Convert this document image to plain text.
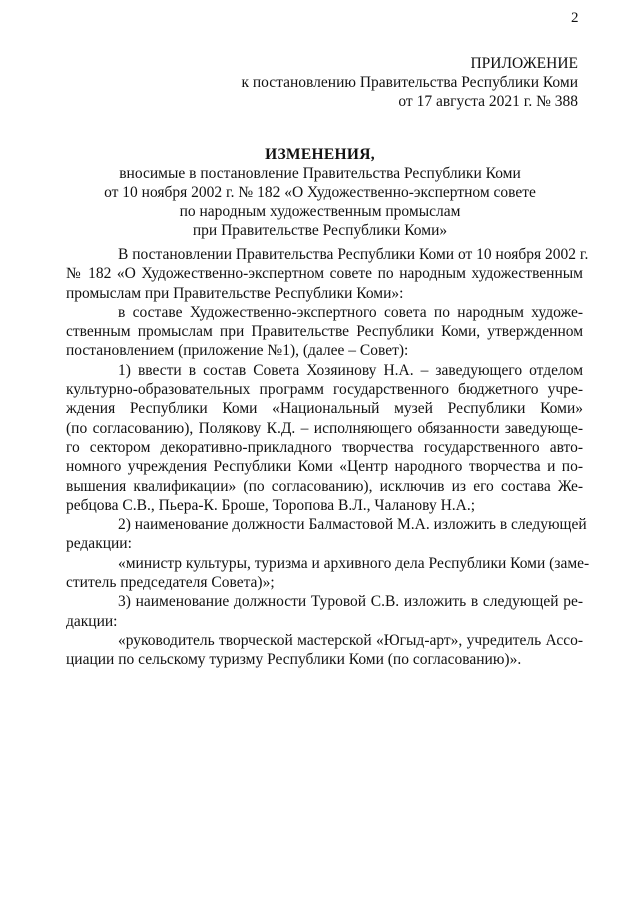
2
ПРИЛОЖЕНИЕ
к постановлению Правительства Республики Коми
от 17 августа 2021 г. № 388
ИЗМЕНЕНИЯ,
вносимые в постановление Правительства Республики Коми
от 10 ноября 2002 г. № 182 «О Художественно-экспертном совете
по народным художественным промыслам
при Правительстве Республики Коми»
В постановлении Правительства Республики Коми от 10 ноября 2002 г.
№ 182 «О Художественно-экспертном совете по народным художественным
промыслам при Правительстве Республики Коми»:
в составе Художественно-экспертного совета по народным художе-
ственным промыслам при Правительстве Республики Коми, утвержденном
постановлением (приложение №1), (далее – Совет):
1) ввести в состав Совета Хозяинову Н.А. – заведующего отделом
культурно-образовательных программ государственного бюджетного учре-
ждения Республики Коми «Национальный музей Республики Коми»
(по согласованию), Полякову К.Д. – исполняющего обязанности заведующе-
го сектором декоративно-прикладного творчества государственного авто-
номного учреждения Республики Коми «Центр народного творчества и по-
вышения квалификации» (по согласованию), исключив из его состава Же-
ребцова С.В., Пьера-К. Броше, Торопова В.Л., Чаланову Н.А.;
2) наименование должности Балмастовой М.А. изложить в следующей
редакции:
«министр культуры, туризма и архивного дела Республики Коми (заме-
ститель председателя Совета)»;
3) наименование должности Туровой С.В. изложить в следующей ре-
дакции:
«руководитель творческой мастерской «Югыд-арт», учредитель Ассо-
циации по сельскому туризму Республики Коми (по согласованию)».
